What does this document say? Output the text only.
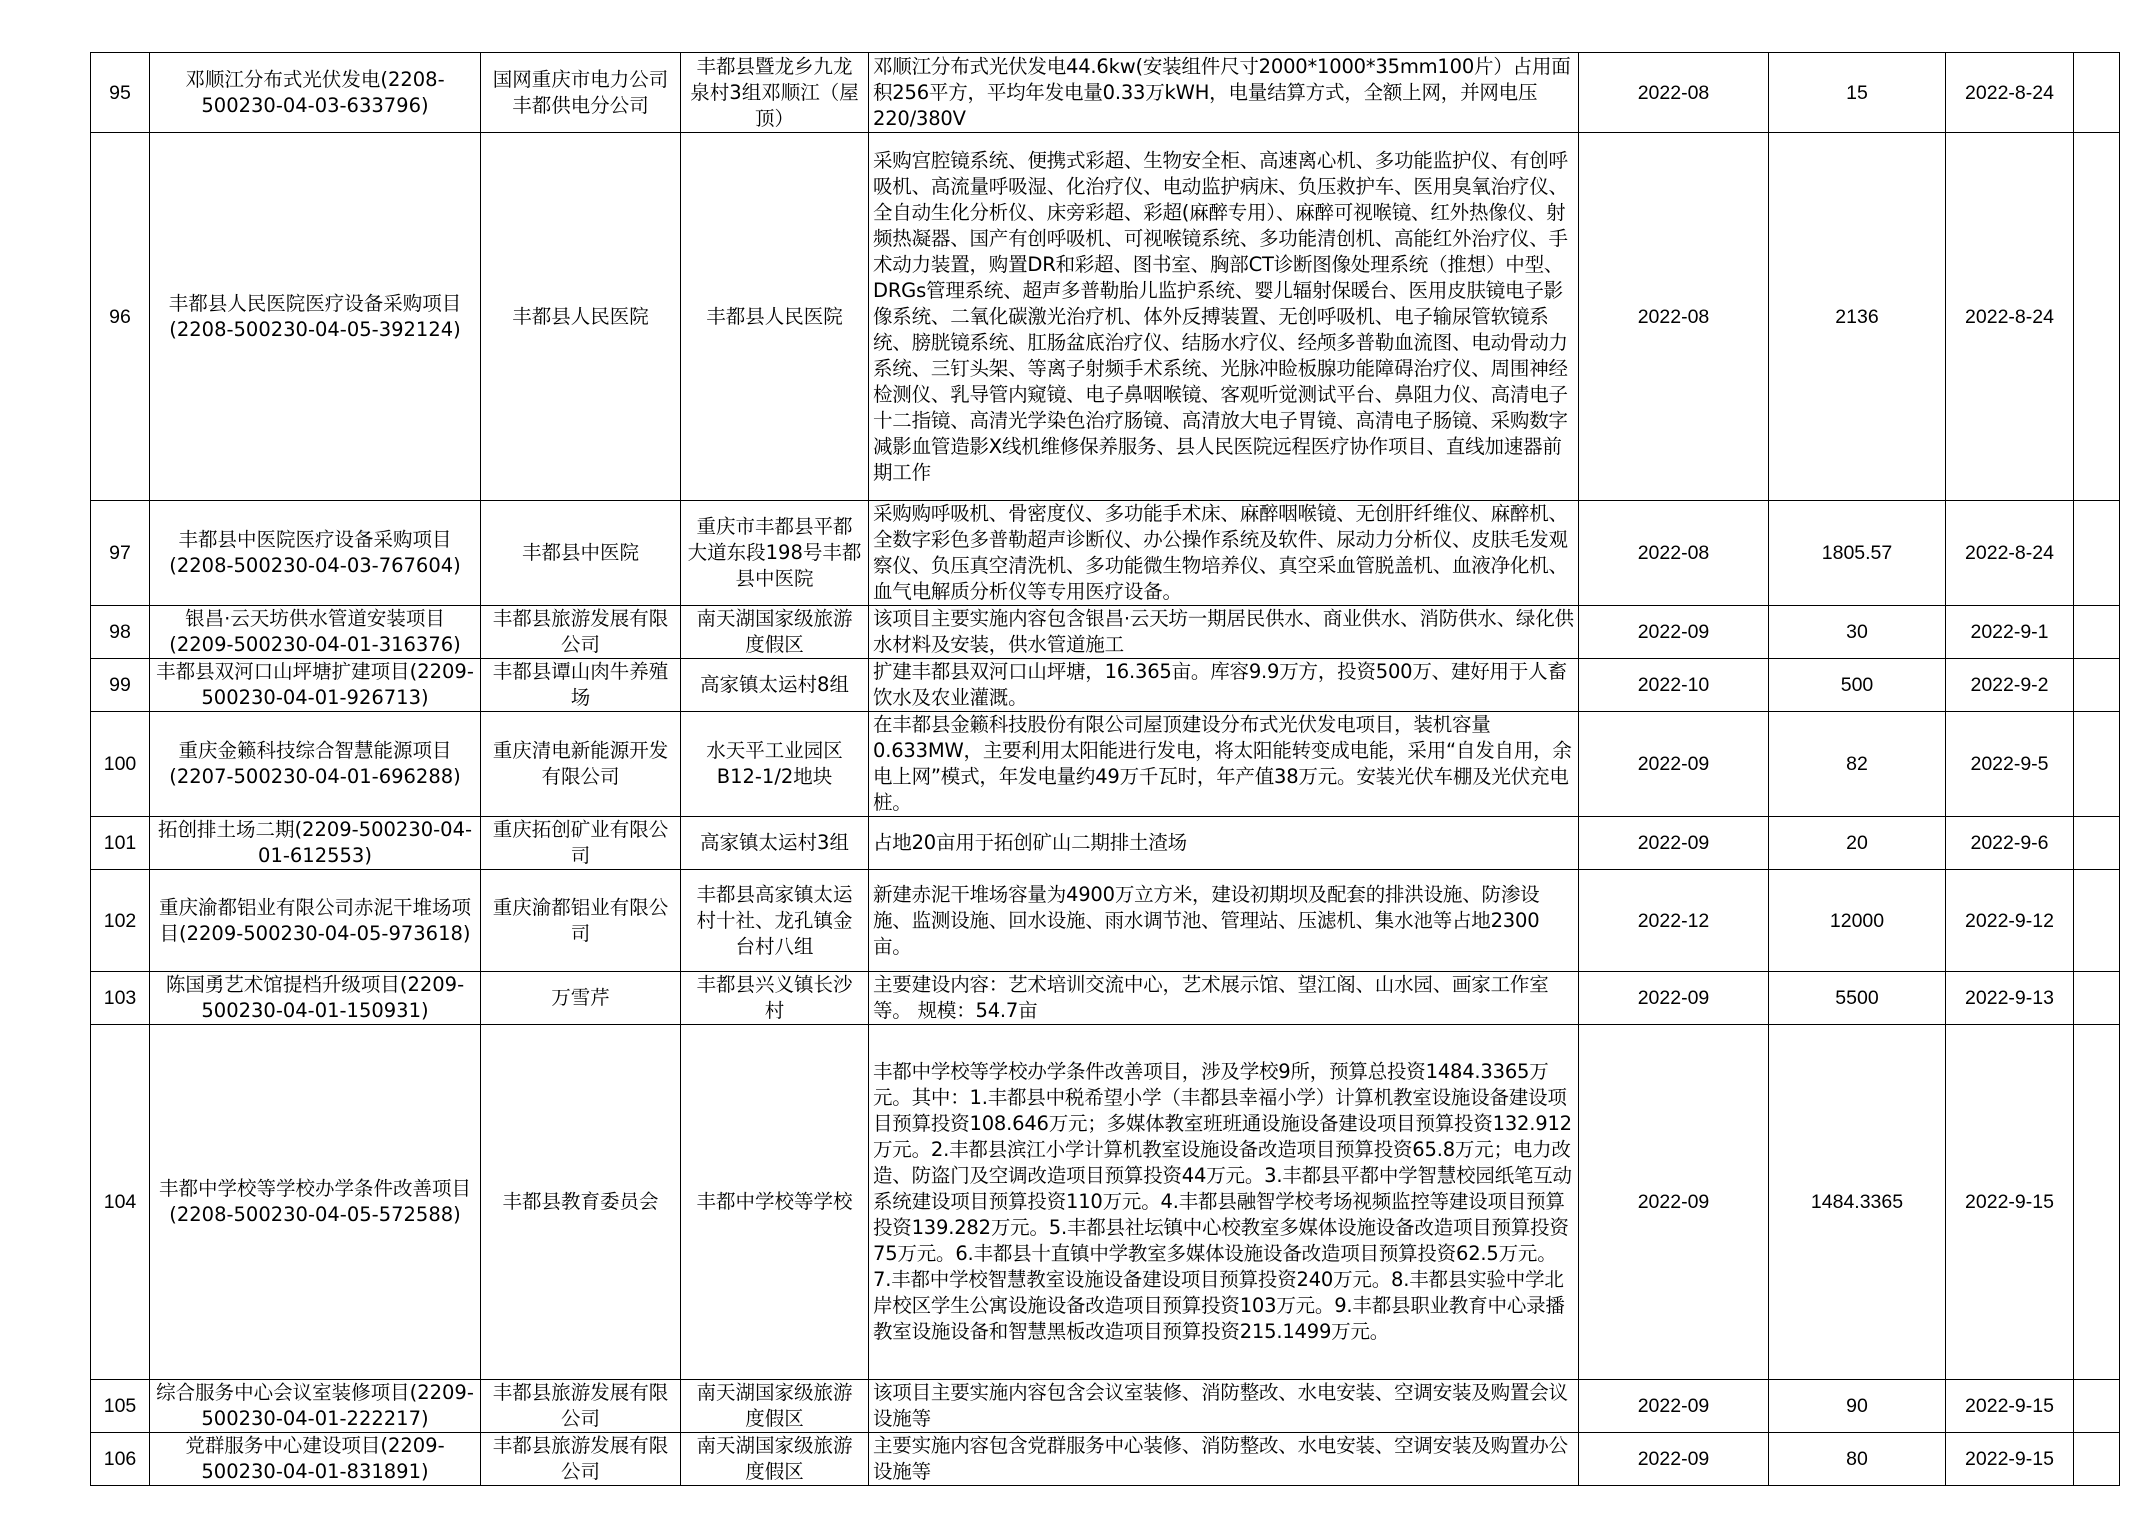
95	邓顺江分布式光伏发电(2208-500230-04-03-633796)	国网重庆市电力公司丰都供电分公司	丰都县暨龙乡九龙泉村3组邓顺江（屋顶）	邓顺江分布式光伏发电44.6kw(安装组件尺寸2000*1000*35mm100片）占用面积256平方，平均年发电量0.33万kWH，电量结算方式，全额上网，并网电压220/380V	2022-08	15	2022-8-24	
96	丰都县人民医院医疗设备采购项目(2208-500230-04-05-392124)	丰都县人民医院	丰都县人民医院	采购宫腔镜系统、便携式彩超、生物安全柜、高速离心机、多功能监护仪、有创呼吸机、高流量呼吸湿、化治疗仪、电动监护病床、负压救护车、医用臭氧治疗仪、全自动生化分析仪、床旁彩超、彩超(麻醉专用）、麻醉可视喉镜、红外热像仪、射频热凝器、国产有创呼吸机、可视喉镜系统、多功能清创机、高能红外治疗仪、手术动力装置，购置DR和彩超、图书室、胸部CT诊断图像处理系统（推想）中型、DRGs管理系统、超声多普勒胎儿监护系统、婴儿辐射保暖台、医用皮肤镜电子影像系统、二氧化碳激光治疗机、体外反搏装置、无创呼吸机、电子输尿管软镜系统、膀胱镜系统、肛肠盆底治疗仪、结肠水疗仪、经颅多普勒血流图、电动骨动力系统、三钉头架、等离子射频手术系统、光脉冲睑板腺功能障碍治疗仪、周围神经检测仪、乳导管内窥镜、电子鼻咽喉镜、客观听觉测试平台、鼻阻力仪、高清电子十二指镜、高清光学染色治疗肠镜、高清放大电子胃镜、高清电子肠镜、采购数字减影血管造影X线机维修保养服务、县人民医院远程医疗协作项目、直线加速器前期工作	2022-08	2136	2022-8-24	
97	丰都县中医院医疗设备采购项目(2208-500230-04-03-767604)	丰都县中医院	重庆市丰都县平都大道东段198号丰都县中医院	采购购呼吸机、骨密度仪、多功能手术床、麻醉咽喉镜、无创肝纤维仪、麻醉机、全数字彩色多普勒超声诊断仪、办公操作系统及软件、尿动力分析仪、皮肤毛发观察仪、负压真空清洗机、多功能微生物培养仪、真空采血管脱盖机、血液净化机、血气电解质分析仪等专用医疗设备。	2022-08	1805.57	2022-8-24	
98	银昌·云天坊供水管道安装项目(2209-500230-04-01-316376)	丰都县旅游发展有限公司	南天湖国家级旅游度假区	该项目主要实施内容包含银昌·云天坊一期居民供水、商业供水、消防供水、绿化供水材料及安装，供水管道施工	2022-09	30	2022-9-1	
99	丰都县双河口山坪塘扩建项目(2209-500230-04-01-926713)	丰都县谭山肉牛养殖场	高家镇太运村8组	扩建丰都县双河口山坪塘，16.365亩。库容9.9万方，投资500万、建好用于人畜饮水及农业灌溉。	2022-10	500	2022-9-2	
100	重庆金籁科技综合智慧能源项目(2207-500230-04-01-696288)	重庆清电新能源开发有限公司	水天平工业园区B12-1/2地块	在丰都县金籁科技股份有限公司屋顶建设分布式光伏发电项目，装机容量0.633MW，主要利用太阳能进行发电，将太阳能转变成电能，采用“自发自用，余电上网”模式，年发电量约49万千瓦时，年产值38万元。安装光伏车棚及光伏充电桩。	2022-09	82	2022-9-5	
101	拓创排土场二期(2209-500230-04-01-612553)	重庆拓创矿业有限公司	高家镇太运村3组	占地20亩用于拓创矿山二期排土渣场	2022-09	20	2022-9-6	
102	重庆渝都铝业有限公司赤泥干堆场项目(2209-500230-04-05-973618)	重庆渝都铝业有限公司	丰都县高家镇太运村十社、龙孔镇金台村八组	新建赤泥干堆场容量为4900万立方米，建设初期坝及配套的排洪设施、防渗设施、监测设施、回水设施、雨水调节池、管理站、压滤机、集水池等占地2300亩。	2022-12	12000	2022-9-12	
103	陈国勇艺术馆提档升级项目(2209-500230-04-01-150931)	万雪芹	丰都县兴义镇长沙村	主要建设内容：艺术培训交流中心，艺术展示馆、望江阁、山水园、画家工作室等。 规模：54.7亩	2022-09	5500	2022-9-13	
104	丰都中学校等学校办学条件改善项目(2208-500230-04-05-572588)	丰都县教育委员会	丰都中学校等学校	丰都中学校等学校办学条件改善项目，涉及学校9所，预算总投资1484.3365万元。其中：1.丰都县中税希望小学（丰都县幸福小学）计算机教室设施设备建设项目预算投资108.646万元；多媒体教室班班通设施设备建设项目预算投资132.912万元。2.丰都县滨江小学计算机教室设施设备改造项目预算投资65.8万元；电力改造、防盗门及空调改造项目预算投资44万元。3.丰都县平都中学智慧校园纸笔互动系统建设项目预算投资110万元。4.丰都县融智学校考场视频监控等建设项目预算投资139.282万元。5.丰都县社坛镇中心校教室多媒体设施设备改造项目预算投资75万元。6.丰都县十直镇中学教室多媒体设施设备改造项目预算投资62.5万元。7.丰都中学校智慧教室设施设备建设项目预算投资240万元。8.丰都县实验中学北岸校区学生公寓设施设备改造项目预算投资103万元。9.丰都县职业教育中心录播教室设施设备和智慧黑板改造项目预算投资215.1499万元。	2022-09	1484.3365	2022-9-15	
105	综合服务中心会议室装修项目(2209-500230-04-01-222217)	丰都县旅游发展有限公司	南天湖国家级旅游度假区	该项目主要实施内容包含会议室装修、消防整改、水电安装、空调安装及购置会议设施等	2022-09	90	2022-9-15	
106	党群服务中心建设项目(2209-500230-04-01-831891)	丰都县旅游发展有限公司	南天湖国家级旅游度假区	主要实施内容包含党群服务中心装修、消防整改、水电安装、空调安装及购置办公设施等	2022-09	80	2022-9-15	
